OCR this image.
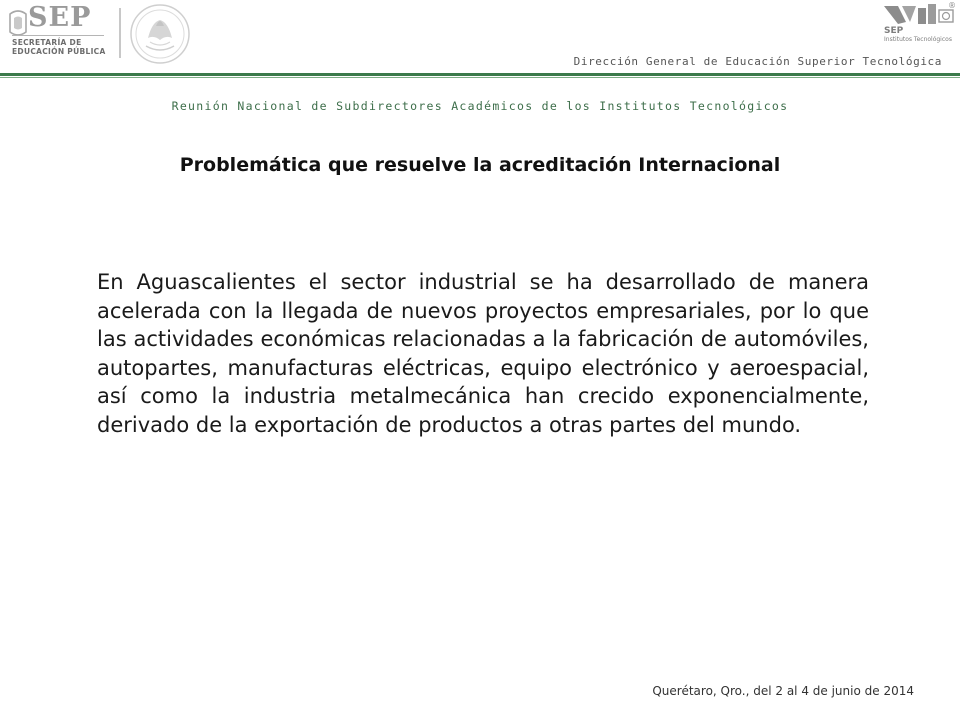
SEP
SECRETARÍA DE
EDUCACIÓN PÚBLICA
®
SEP
Institutos Tecnológicos
Dirección General de Educación Superior Tecnológica
Reunión Nacional de Subdirectores Académicos de los Institutos Tecnológicos
Problemática que resuelve la acreditación Internacional

En Aguascalientes el sector industrial se ha desarrollado de manera acelerada con la llegada de nuevos proyectos empresariales, por lo que las actividades económicas relacionadas a la fabricación de automóviles, autopartes, manufacturas eléctricas, equipo electrónico y aeroespacial, así como la industria metalmecánica han crecido exponencialmente, derivado de la exportación de productos a otras partes del mundo.

Querétaro, Qro., del 2 al 4 de junio de 2014
